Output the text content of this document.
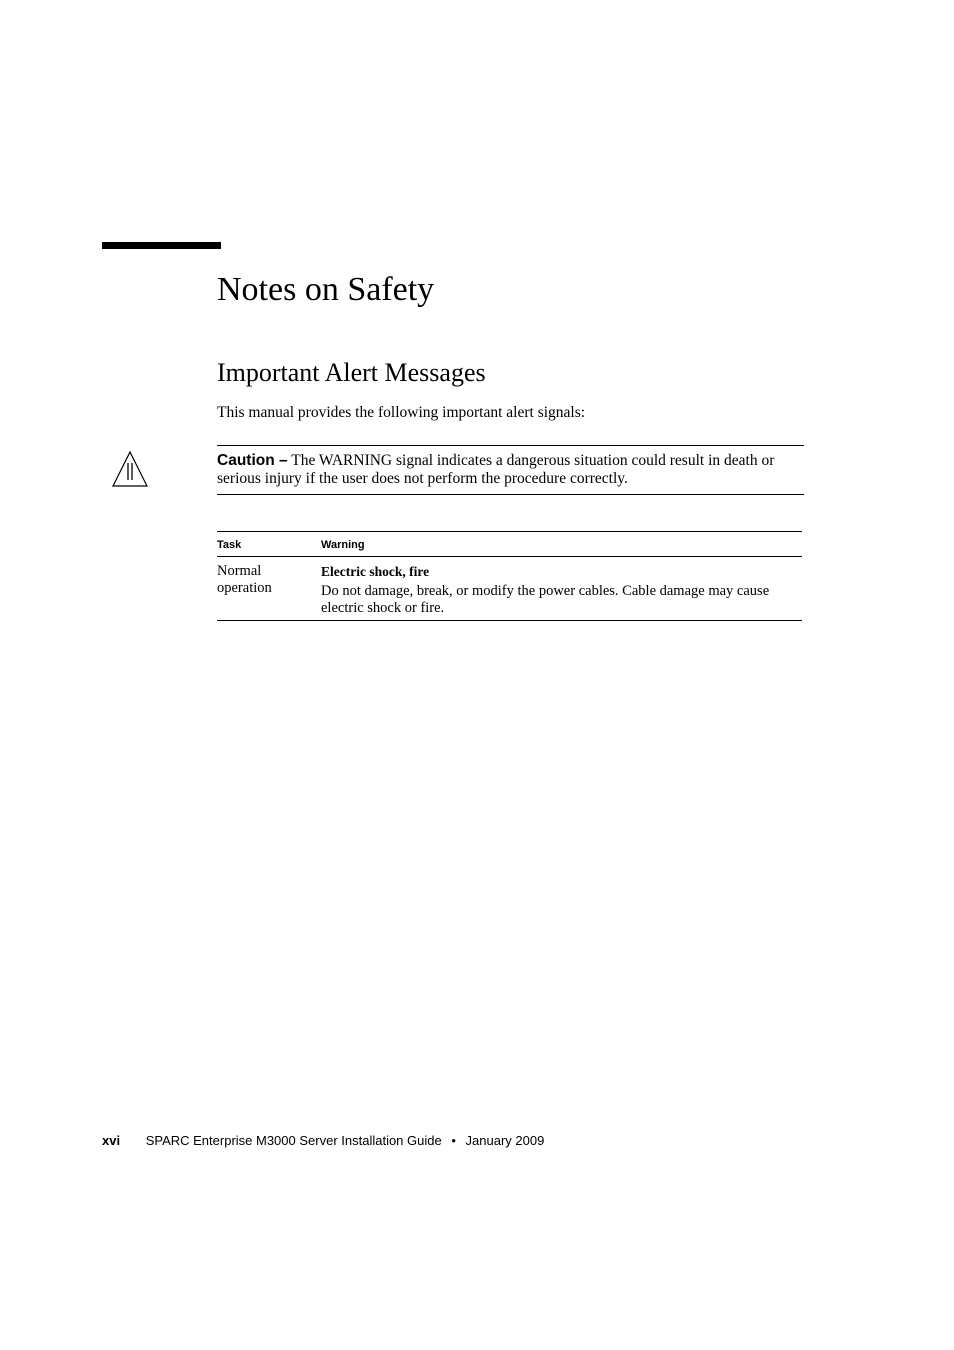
Notes on Safety
Important Alert Messages

This manual provides the following important alert signals:

Caution – The WARNING signal indicates a dangerous situation could result in death or serious injury if the user does not perform the procedure correctly.

Task	Warning
Normal operation
Electric shock, fire
Do not damage, break, or modify the power cables. Cable damage may cause electric shock or fire.
xvi SPARC Enterprise M3000 Server Installation Guide • January 2009
